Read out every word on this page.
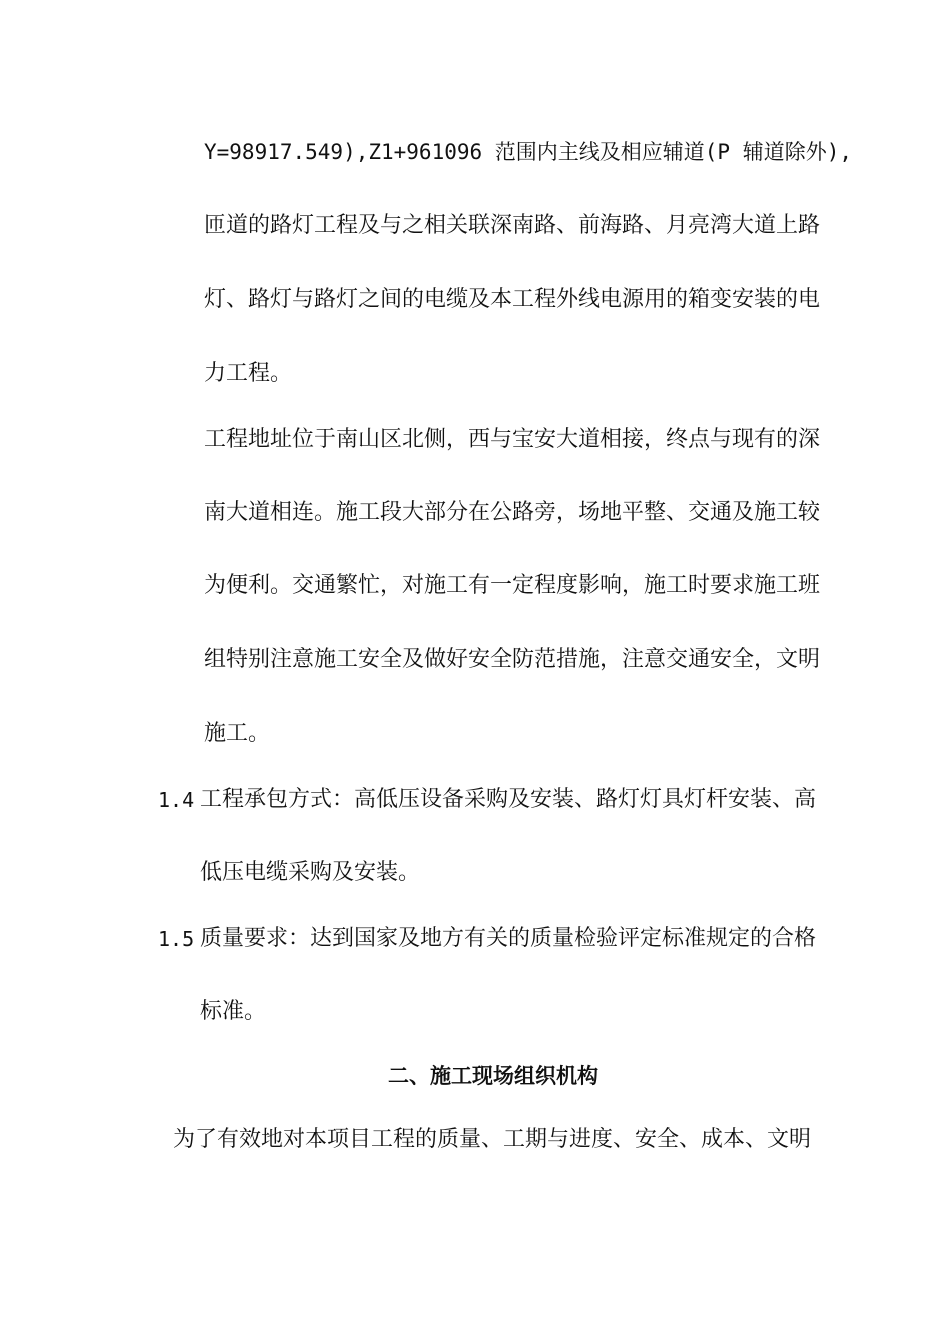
Y=98917.549),Z1+961096 范围内主线及相应辅道(P 辅道除外),
匝道的路灯工程及与之相关联深南路、前海路、月亮湾大道上路
灯、路灯与路灯之间的电缆及本工程外线电源用的箱变安装的电
力工程。
工程地址位于南山区北侧，西与宝安大道相接，终点与现有的深
南大道相连。施工段大部分在公路旁，场地平整、交通及施工较
为便利。交通繁忙，对施工有一定程度影响，施工时要求施工班
组特别注意施工安全及做好安全防范措施，注意交通安全，文明
施工。
1.4 工程承包方式：高低压设备采购及安装、路灯灯具灯杆安装、高
低压电缆采购及安装。
1.5 质量要求：达到国家及地方有关的质量检验评定标准规定的合格
标准。
二、施工现场组织机构
为了有效地对本项目工程的质量、工期与进度、安全、成本、文明
